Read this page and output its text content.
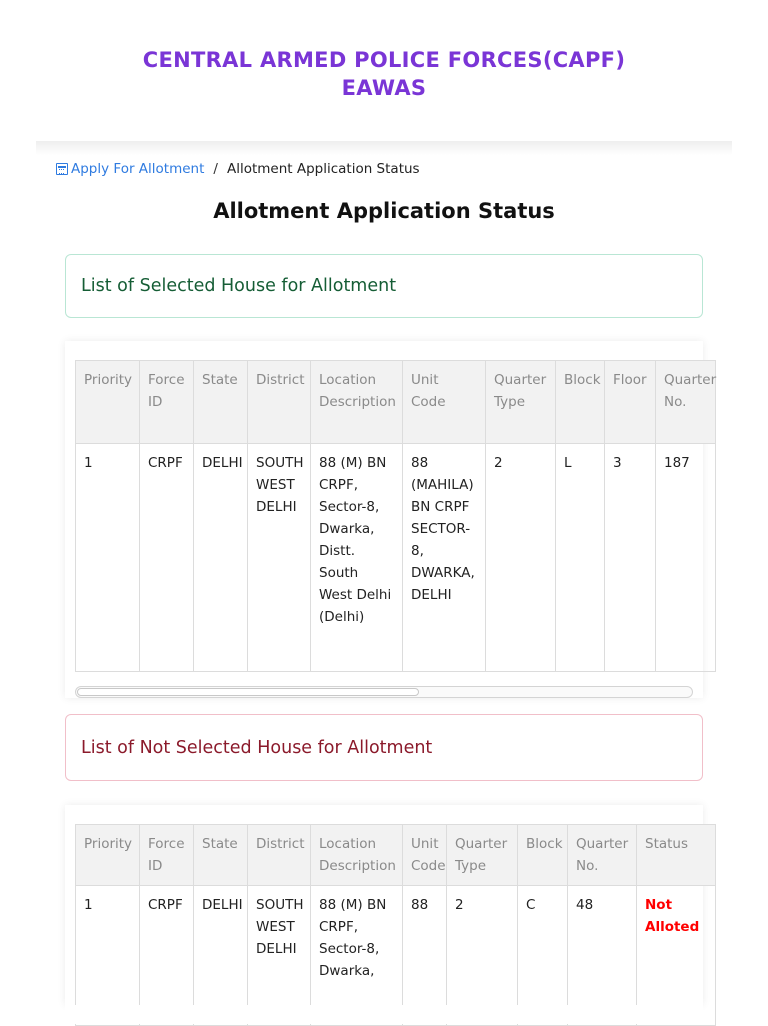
CENTRAL ARMED POLICE FORCES(CAPF)
EAWAS
Apply For Allotment / Allotment Application Status
Allotment Application Status
List of Selected House for Allotment
Priority	Force ID	State	District	Location Description	Unit Code	Quarter Type	Block	Floor	Quarter No.
1	CRPF	DELHI	SOUTH WEST DELHI	88 (M) BN CRPF, Sector-8, Dwarka, Distt. South West Delhi (Delhi)	88 (MAHILA) BN CRPF SECTOR-8, DWARKA, DELHI	2	L	3	187
List of Not Selected House for Allotment
Priority	Force ID	State	District	Location Description	Unit Code	Quarter Type	Block	Quarter No.	Status
1	CRPF	DELHI	SOUTH WEST DELHI	88 (M) BN CRPF, Sector-8, Dwarka,	88	2	C	48	Not Alloted
